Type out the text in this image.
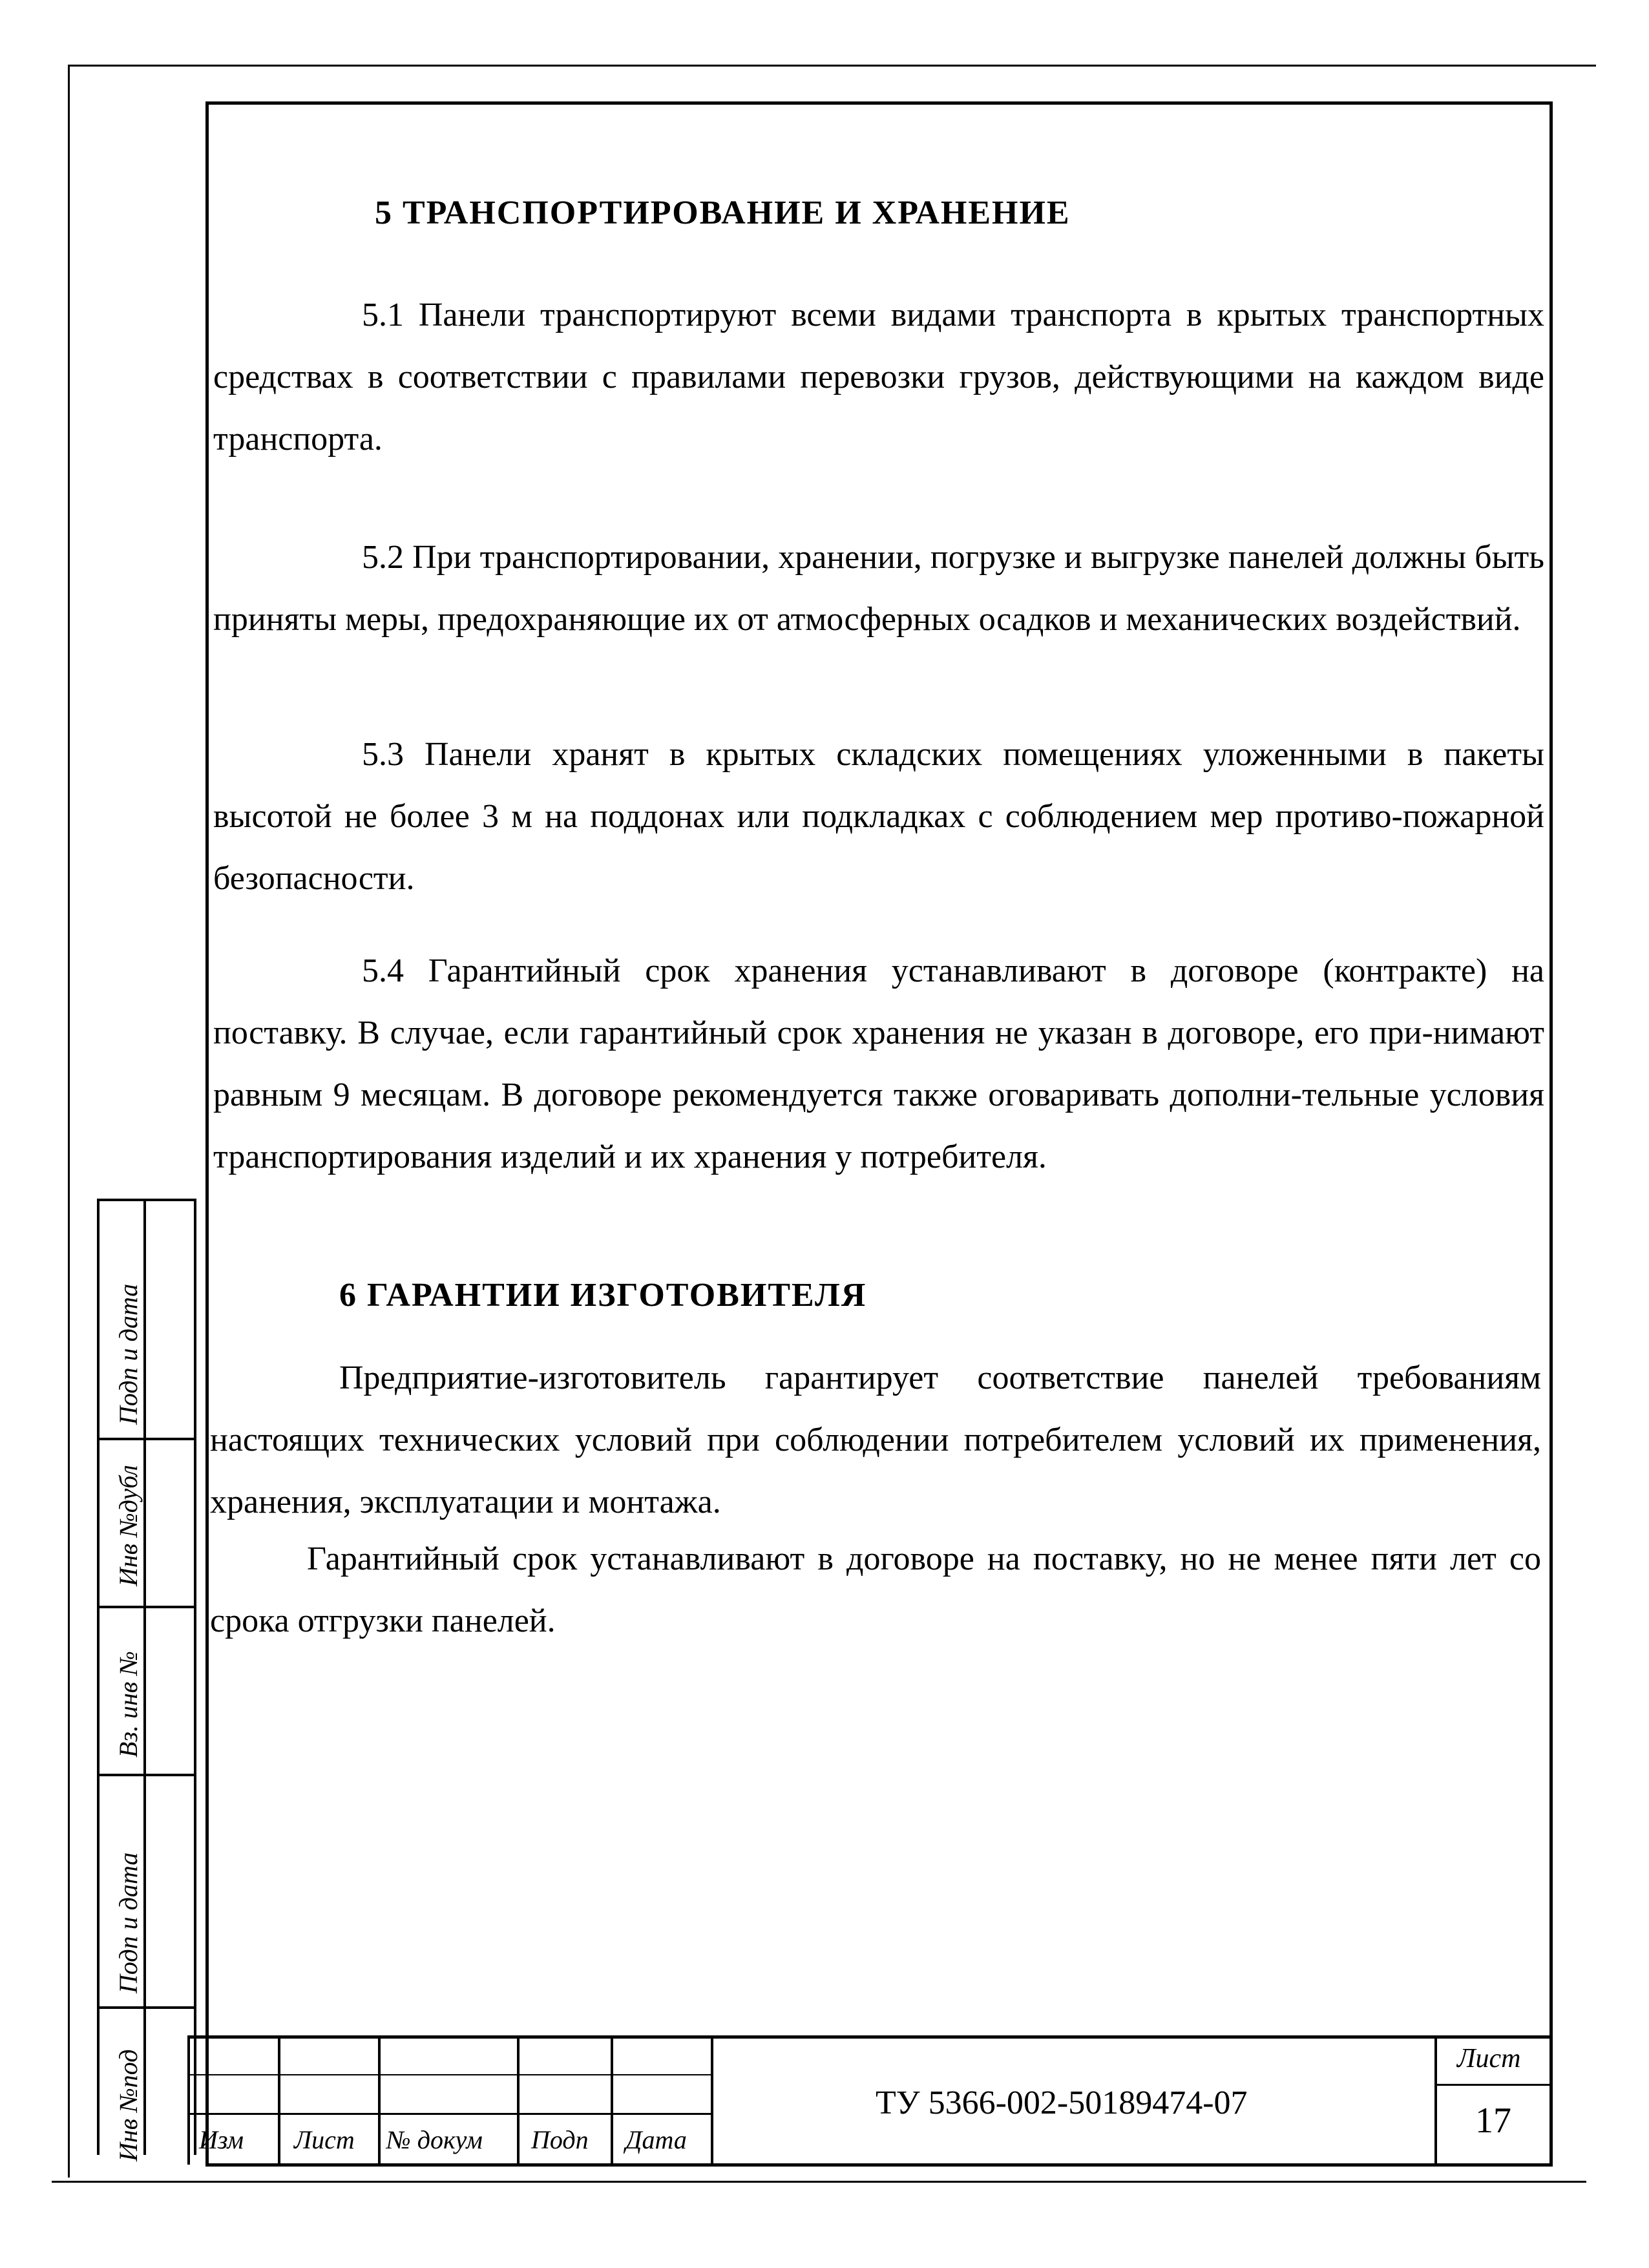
5 ТРАНСПОРТИРОВАНИЕ И ХРАНЕНИЕ

5.1 Панели транспортируют всеми видами транспорта в крытых транспортных средствах в соответствии с правилами перевозки грузов, действующими на каждом виде транспорта.

5.2 При транспортировании, хранении, погрузке и выгрузке панелей должны быть приняты меры, предохраняющие их от атмосферных осадков и механических воздействий.

5.3 Панели хранят в крытых складских помещениях уложенными в пакеты высотой не более 3 м на поддонах или подкладках с соблюдением мер противо-пожарной безопасности.

5.4 Гарантийный срок хранения устанавливают в договоре (контракте) на поставку. В случае, если гарантийный срок хранения не указан в договоре, его при-нимают равным 9 месяцам. В договоре рекомендуется также оговаривать дополни-тельные условия транспортирования изделий и их хранения у потребителя.

6 ГАРАНТИИ ИЗГОТОВИТЕЛЯ

Предприятие-изготовитель гарантирует соответствие панелей требованиям настоящих технических условий при соблюдении потребителем условий их применения, хранения, эксплуатации и монтажа.

Гарантийный срок устанавливают в договоре на поставку, но не менее пяти лет со срока отгрузки панелей.

Подп и дата
Инв №дубл
Вз. инв №
Подп и дата
Инв №под Изм Лист № докум Подп Дата
ТУ 5366-002-50189474-07
Лист
17
